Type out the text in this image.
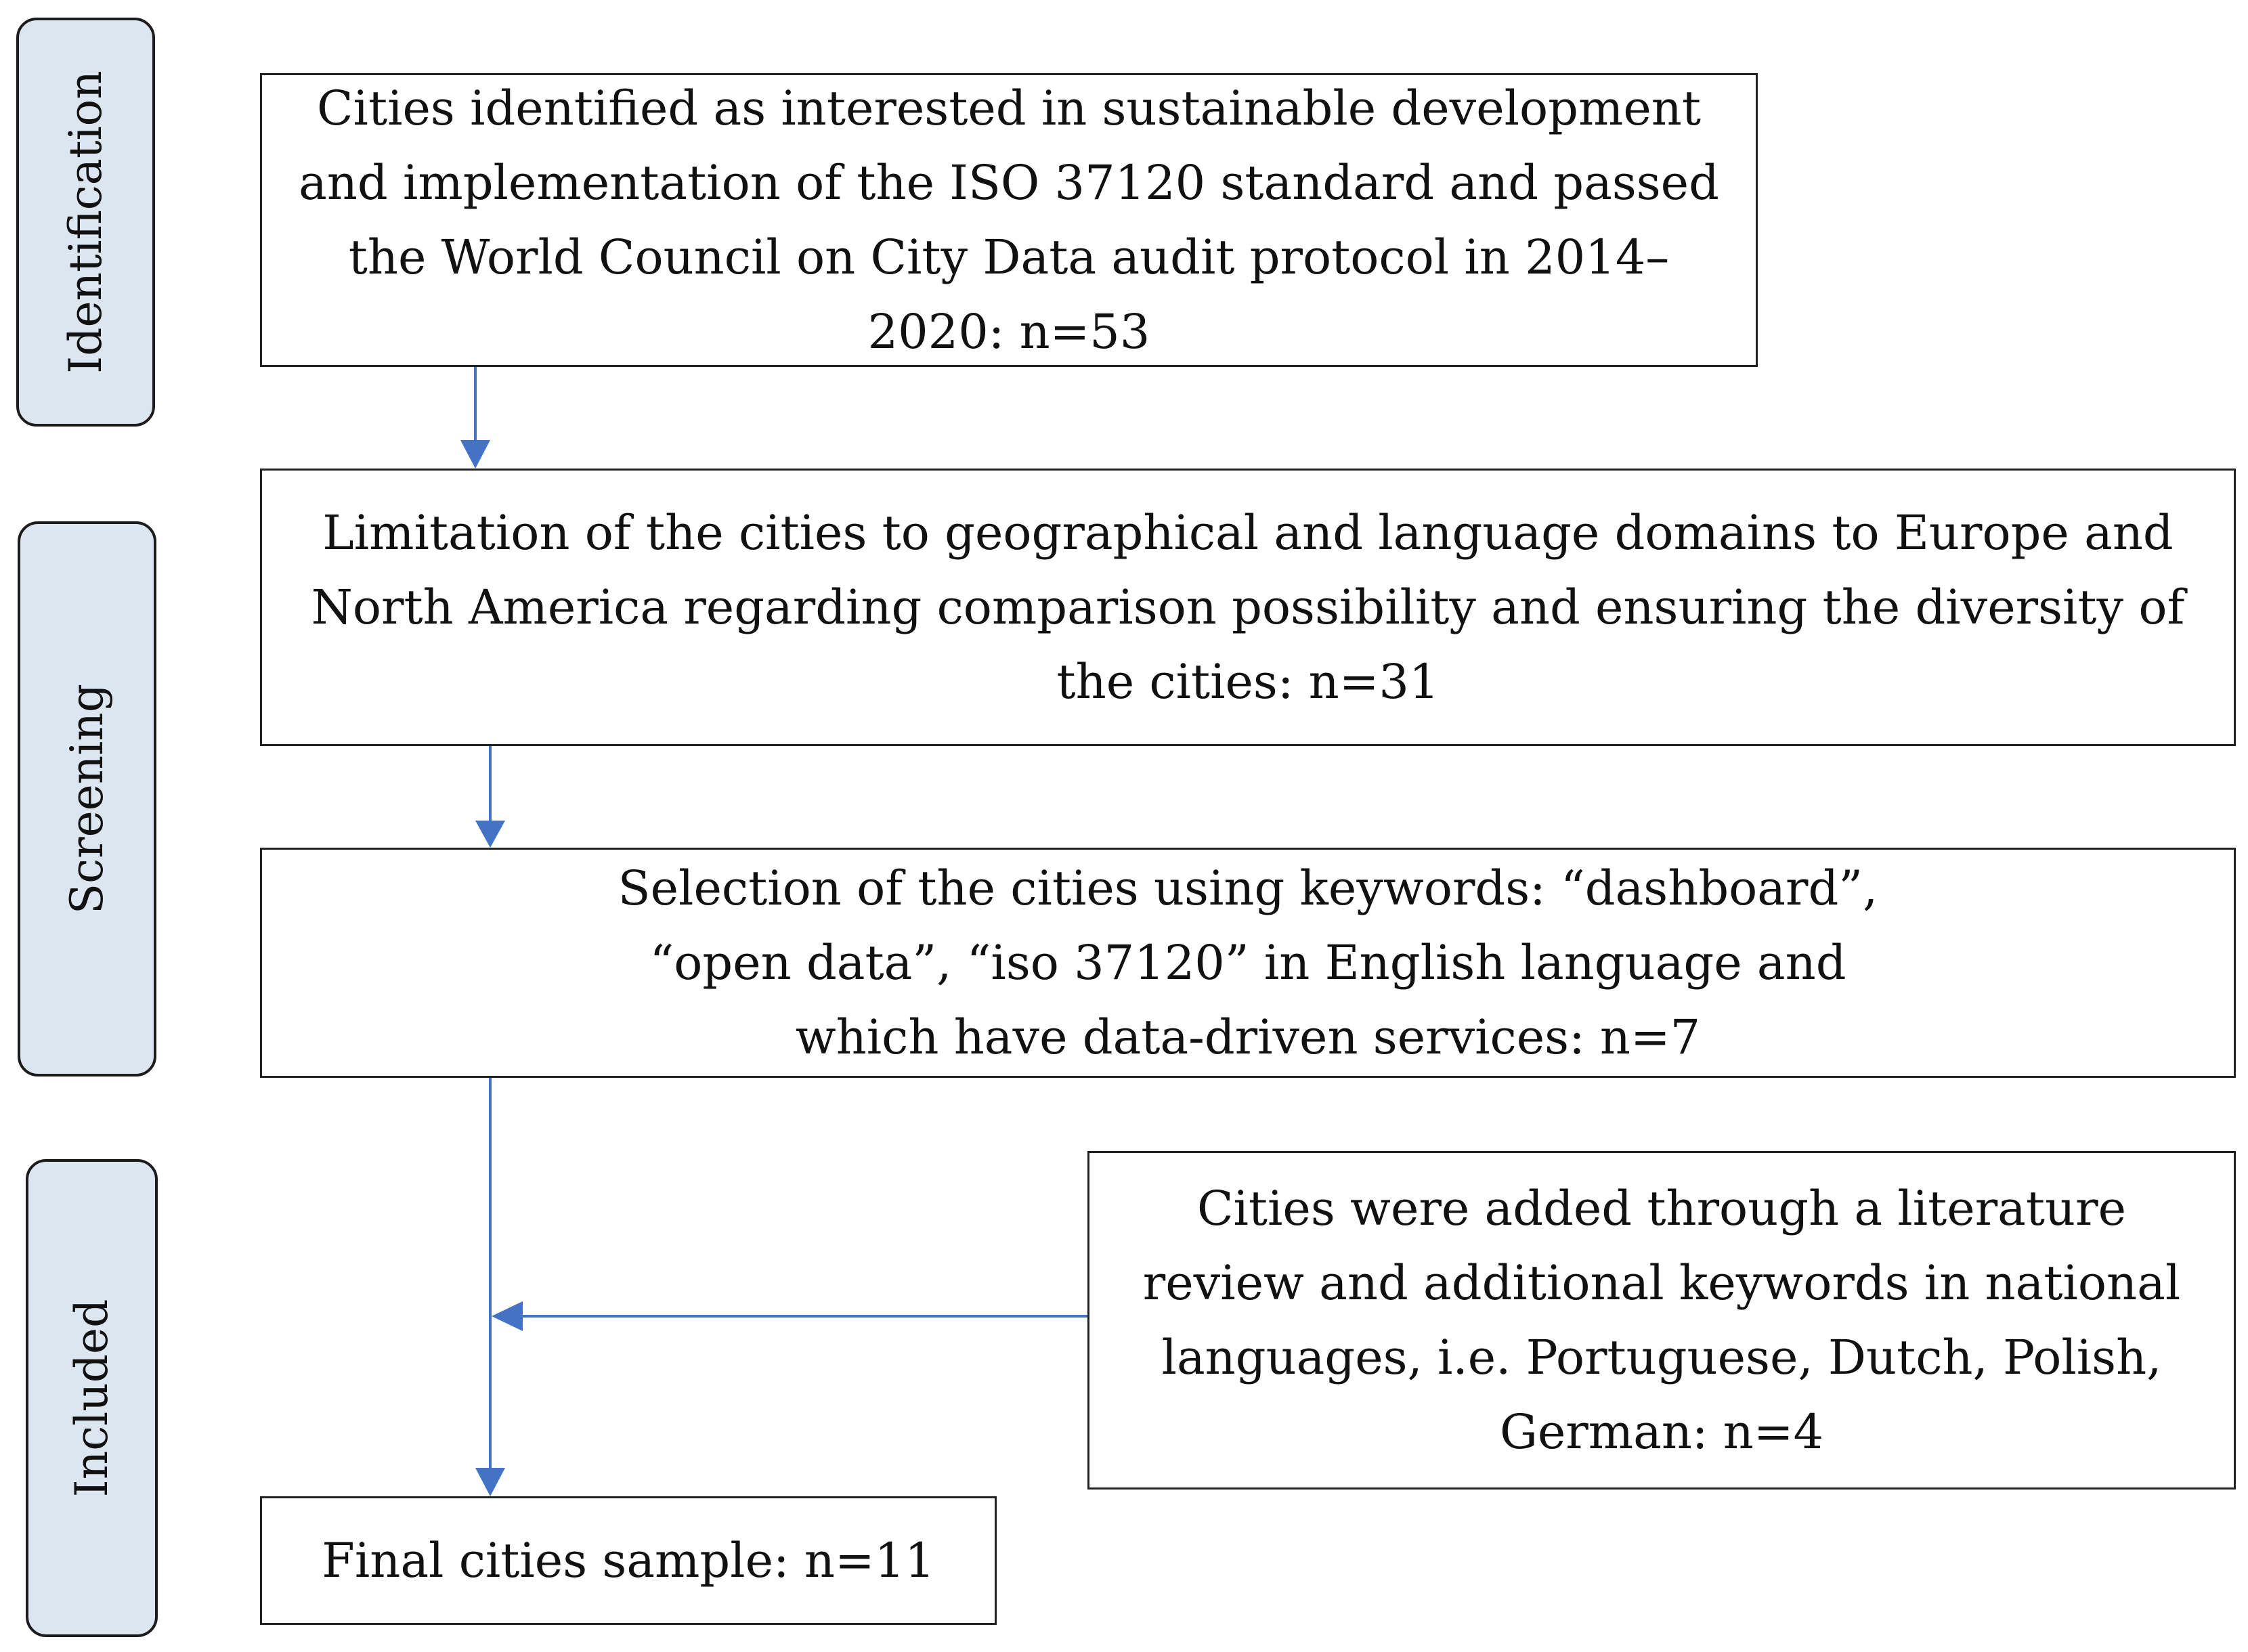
Identification
Screening
Included
Cities identified as interested in sustainable development and implementation of the ISO 37120 standard and passed the World Council on City Data audit protocol in 2014–2020: n=53
Limitation of the cities to geographical and language domains to Europe and North America regarding comparison possibility and ensuring the diversity of the cities: n=31
Selection of the cities using keywords: “dashboard”, “open data”, “iso 37120” in English language and which have data-driven services: n=7
Cities were added through a literature review and additional keywords in national languages, i.e. Portuguese, Dutch, Polish, German: n=4
Final cities sample: n=11
